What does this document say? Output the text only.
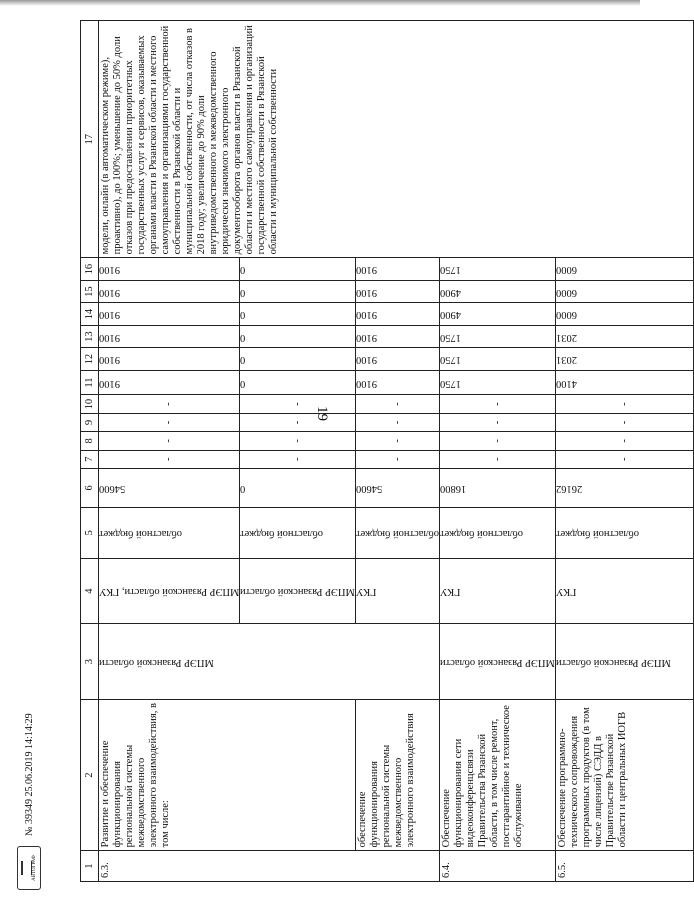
19
1	2	3	4	5	6	7	8	9	10	11	12	13	14	15	16	17
6.3.	Развитие и обеспечение функционирования региональной системы межведомственного электронного взаимодействия, в том числе:	МПЭР Рязанской области	МПЭР Рязанской области, ГКУ	областной бюджет	54600	-	-	-	-	9100	9100	9100	9100	9100	9100	модели, онлайн (в автоматическом режиме), проактивно), до 100%; уменьшение до 50% доли отказов при предоставлении приоритетных государственных услуг и сервисов, оказываемых органами власти в Рязанской области и местного самоуправления и организациями государственной собственности в Рязанской области и муниципальной собственности, от числа отказов в 2018 году; увеличение до 90% доли внутриведомственного и межведомственного юридически значимого электронного документооборота органов власти в Рязанской области и местного самоуправления и организаций государственной собственности в Рязанской области и муниципальной собственности

			МПЭР Рязанской области	областной бюджет	0	-	-	-	-	0	0	0	0	0	0	

	обеспечение функционирования региональной системы межведомственного электронного взаимодействия		ГКУ	областной бюджет	54600	-	-	-	-	9100	9100	9100	9100	9100	9100	

6.4.	Обеспечение функционирования сети видеоконференцсвязи Правительства Рязанской области, в том числе ремонт, постгарантийное и техническое обслуживание	МПЭР Рязанской области	ГКУ	областной бюджет	16800	-	-	-	-	1750	1750	1750	4900	4900	1750	

6.5.	Обеспечение программно-технического сопровождения программных продуктов (в том числе лицензий) СЭДД в Правительстве Рязанской области и центральных ИОГВ	МПЭР Рязанской области	ГКУ	областной бюджет	26162	-	-	-	-	4100	2031	2031	6000	6000	6000	
АВТОГРАФ
№ 39349 25.06.2019 14:14:29
